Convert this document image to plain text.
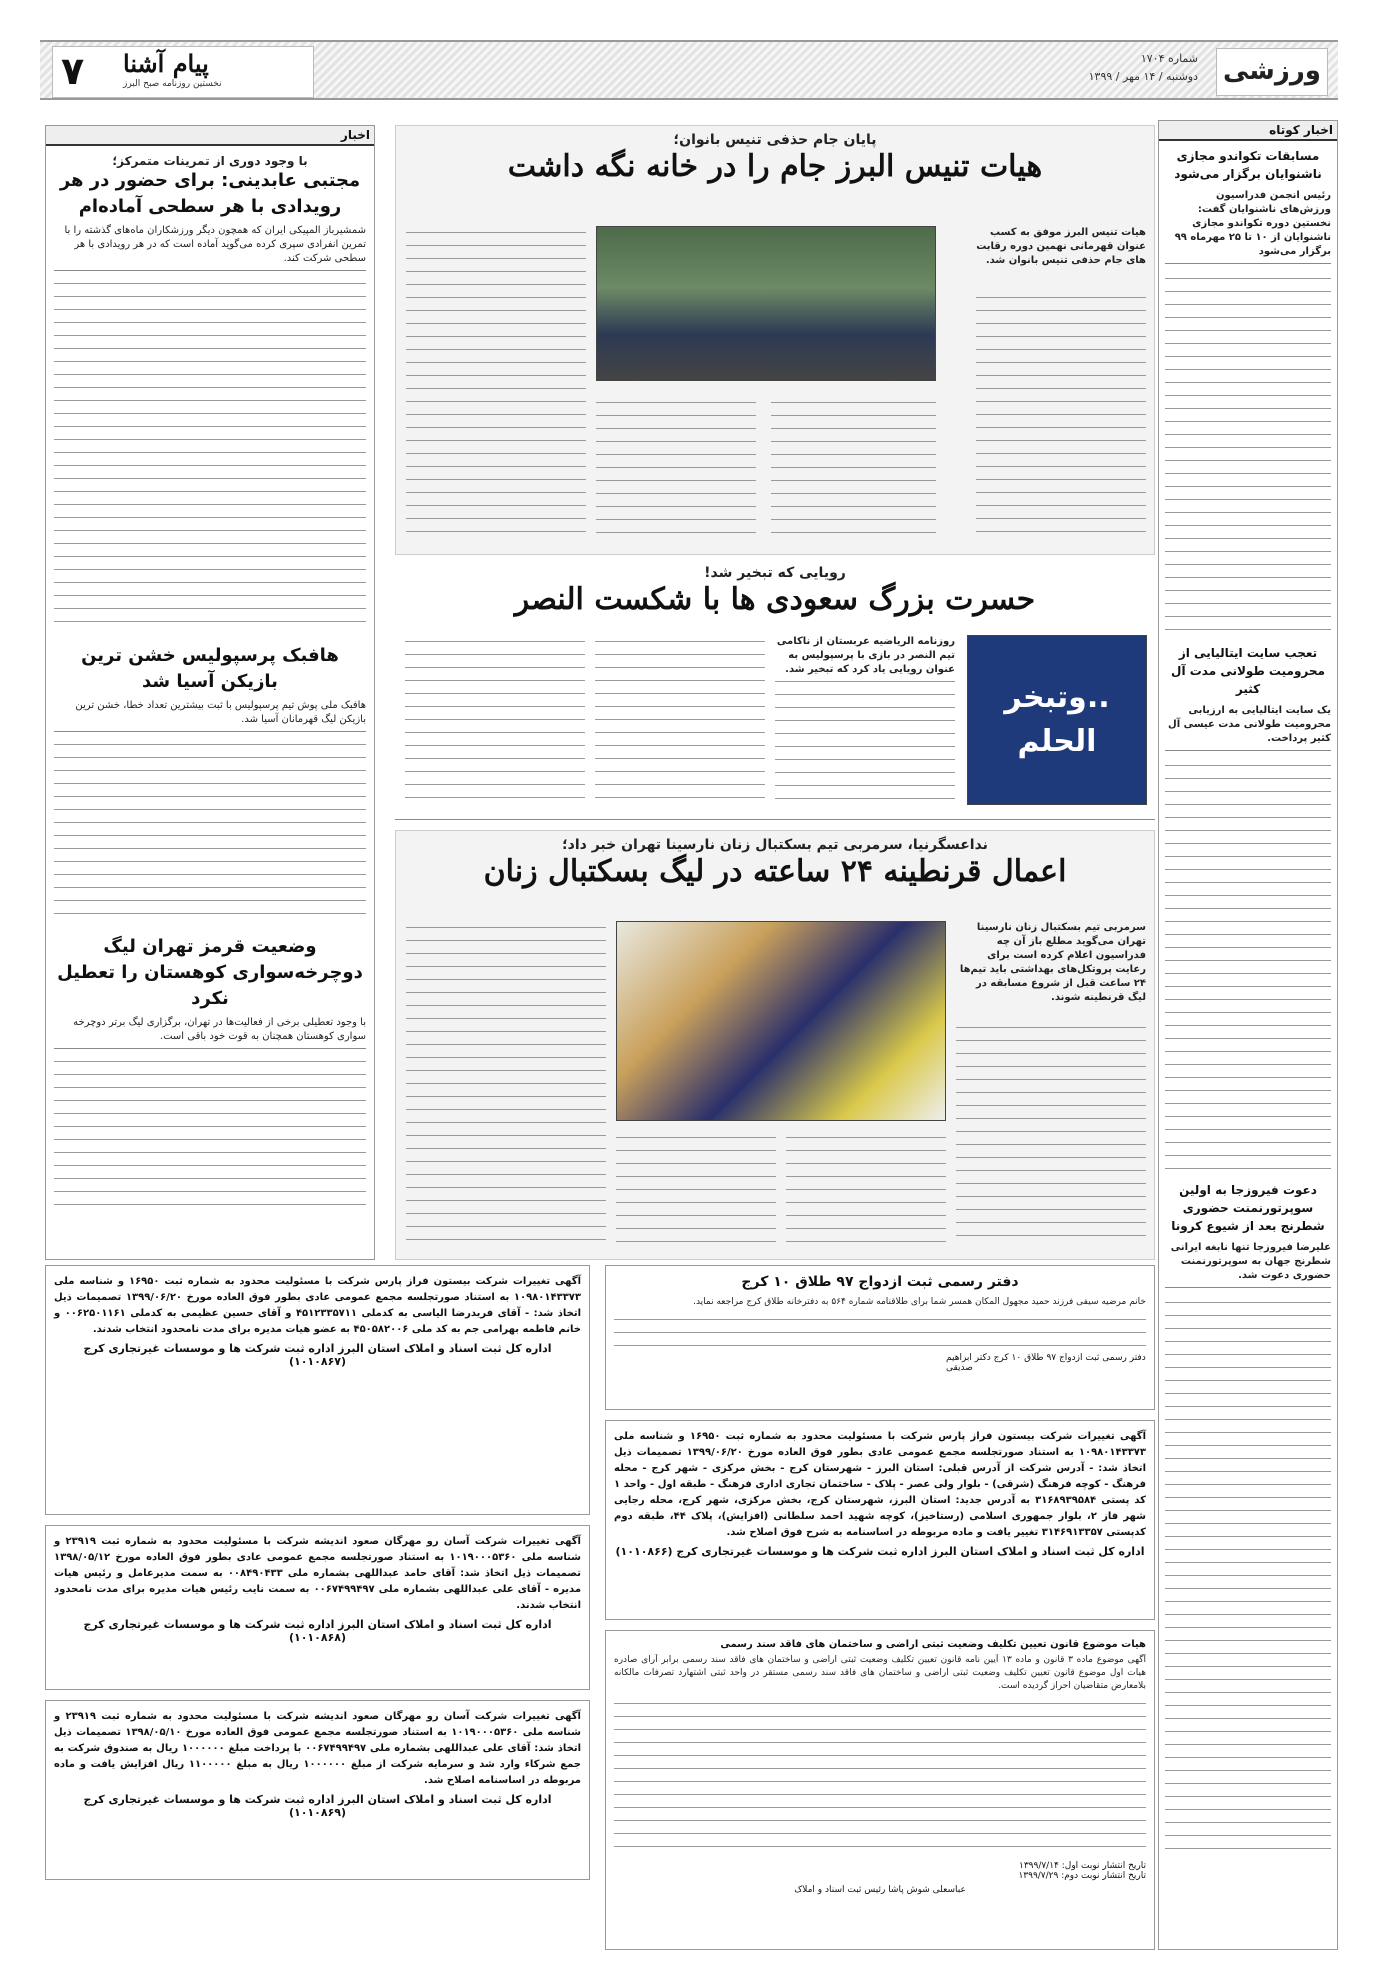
ورزشی
شماره ۱۷۰۴
دوشنبه / ۱۴ مهر / ۱۳۹۹
۷ پیام آشنا
نخستین روزنامه صبح البرز
اخبار کوتاه
مسابقات تکواندو مجازی ناشنوایان برگزار می‌شود
رئیس انجمن فدراسیون ورزش‌های ناشنوایان گفت: نخستین دوره تکواندو مجازی ناشنوایان از ۱۰ تا ۲۵ مهرماه ۹۹ برگزار می‌شود
تعجب سایت ایتالیایی از محرومیت طولانی مدت آل کثیر
یک سایت ایتالیایی به ارزیابی محرومیت طولانی مدت عیسی آل کثیر پرداخت.
دعوت فیروزجا به اولین سوپرتورنمنت حضوری شطرنج بعد از شیوع کرونا
علیرضا فیروزجا تنها نابغه ایرانی شطرنج جهان به سوپرتورنمنت حضوری دعوت شد.
پایان جام حذفی تنیس بانوان؛
هیات تنیس البرز جام را در خانه نگه داشت
هیات تنیس البرز موفق به کسب عنوان قهرمانی نهمین دوره رقابت های جام حذفی تنیس بانوان شد.
رویایی که تبخیر شد!
حسرت بزرگ سعودی ها با شکست النصر
..وتبخر الحلم
روزنامه الریاضیه عربستان از ناکامی تیم النصر در بازی با پرسپولیس به عنوان رویایی یاد کرد که تبخیر شد.
نداعسگرنیا، سرمربی تیم بسکتبال زنان نارسینا تهران خبر داد؛
اعمال قرنطینه ۲۴ ساعته در لیگ بسکتبال زنان
سرمربی تیم بسکتبال زنان نارسینا تهران می‌گوید مطلع باز آن چه فدراسیون اعلام کرده است برای رعایت پروتکل‌های بهداشتی باید تیم‌ها ۲۴ ساعت قبل از شروع مسابقه در لیگ قرنطینه شوند.
اخبار
با وجود دوری از تمرینات متمرکز؛
مجتبی عابدینی: برای حضور در هر رویدادی با هر سطحی آماده‌ام
شمشیرباز المپیکی ایران که همچون دیگر ورزشکاران ماه‌های گذشته را با تمرین انفرادی سپری کرده می‌گوید آماده است که در هر رویدادی با هر سطحی شرکت کند.
هافبک پرسپولیس خشن ترین بازیکن آسیا شد
هافبک ملی پوش تیم پرسپولیس با ثبت بیشترین تعداد خطا، خشن ترین بازیکن لیگ قهرمانان آسیا شد.
وضعیت قرمز تهران لیگ دوچرخه‌سواری کوهستان را تعطیل نکرد
با وجود تعطیلی برخی از فعالیت‌ها در تهران، برگزاری لیگ برتر دوچرخه سواری کوهستان همچنان به قوت خود باقی است.
آگهی تغییرات شرکت بیستون فراز پارس شرکت با مسئولیت محدود به شماره ثبت ۱۶۹۵۰ و شناسه ملی ۱۰۹۸۰۱۴۳۳۷۳ به استناد صورتجلسه مجمع عمومی عادی بطور فوق العاده مورخ ۱۳۹۹/۰۶/۲۰ تصمیمات ذیل اتخاذ شد: - آقای فریدرضا الیاسی به کدملی ۴۵۱۲۳۳۵۷۱۱ و آقای حسین عظیمی به کدملی ۰۰۶۲۵۰۱۱۶۱ و خانم فاطمه بهرامی جم به کد ملی ۴۵۰۵۸۲۰۰۶ به عضو هیات مدیره برای مدت نامحدود انتخاب شدند.
اداره کل ثبت اسناد و املاک استان البرز اداره ثبت شرکت ها و موسسات غیرتجاری کرج (۱۰۱۰۸۶۷)
دفتر رسمی ثبت ازدواج ۹۷ طلاق ۱۰ کرج
خانم مرضیه سیفی فرزند حمید مجهول المکان همسر شما برای طلاقنامه شماره ۵۶۴ به دفترخانه طلاق کرج مراجعه نماید.
دفتر رسمی ثبت ازدواج ۹۷ طلاق ۱۰ کرج دکتر ابراهیم صدیقی
آگهی تغییرات شرکت بیستون فراز پارس شرکت با مسئولیت محدود به شماره ثبت ۱۶۹۵۰ و شناسه ملی ۱۰۹۸۰۱۴۳۳۷۳ به استناد صورتجلسه مجمع عمومی عادی بطور فوق العاده مورخ ۱۳۹۹/۰۶/۲۰ تصمیمات ذیل اتخاذ شد: - آدرس شرکت از آدرس قبلی: استان البرز - شهرستان کرج - بخش مرکزی - شهر کرج - محله فرهنگ - کوچه فرهنگ (شرقی) - بلوار ولی عصر - پلاک - ساختمان تجاری اداری فرهنگ - طبقه اول - واحد ۱ کد پستی ۳۱۶۸۹۳۹۵۸۴ به آدرس جدید: استان البرز، شهرستان کرج، بخش مرکزی، شهر کرج، محله رجایی شهر فاز ۲، بلوار جمهوری اسلامی (رستاخیز)، کوچه شهید احمد سلطانی (افزایش)، پلاک ۴۴، طبقه دوم کدپستی ۳۱۴۶۹۱۳۳۵۷ تغییر یافت و ماده مربوطه در اساسنامه به شرح فوق اصلاح شد.
اداره کل ثبت اسناد و املاک استان البرز اداره ثبت شرکت ها و موسسات غیرتجاری کرج (۱۰۱۰۸۶۶)
آگهی تغییرات شرکت آسان رو مهرگان صعود اندیشه شرکت با مسئولیت محدود به شماره ثبت ۲۳۹۱۹ و شناسه ملی ۱۰۱۹۰۰۰۵۳۶۰ به استناد صورتجلسه مجمع عمومی عادی بطور فوق العاده مورخ ۱۳۹۸/۰۵/۱۲ تصمیمات ذیل اتخاذ شد: آقای حامد عبداللهی بشماره ملی ۰۰۸۴۹۰۴۳۳ به سمت مدیرعامل و رئیس هیات مدیره - آقای علی عبداللهی بشماره ملی ۰۰۶۷۴۹۹۴۹۷ به سمت نایب رئیس هیات مدیره برای مدت نامحدود انتخاب شدند.
اداره کل ثبت اسناد و املاک استان البرز اداره ثبت شرکت ها و موسسات غیرتجاری کرج (۱۰۱۰۸۶۸)
هیات موضوع قانون تعیین تکلیف وضعیت ثبتی اراضی و ساختمان های فاقد سند رسمی
آگهی موضوع ماده ۳ قانون و ماده ۱۳ آیین نامه قانون تعیین تکلیف وضعیت ثبتی اراضی و ساختمان های فاقد سند رسمی برابر آرای صادره هیات اول موضوع قانون تعیین تکلیف وضعیت ثبتی اراضی و ساختمان های فاقد سند رسمی مستقر در واحد ثبتی اشتهارد تصرفات مالکانه بلامعارض متقاضیان احراز گردیده است.
تاریخ انتشار نوبت اول: ۱۳۹۹/۷/۱۴
تاریخ انتشار نوبت دوم: ۱۳۹۹/۷/۲۹
عباسعلی شوش پاشا رئیس ثبت اسناد و املاک
آگهی تغییرات شرکت آسان رو مهرگان صعود اندیشه شرکت با مسئولیت محدود به شماره ثبت ۲۳۹۱۹ و شناسه ملی ۱۰۱۹۰۰۰۵۳۶۰ به استناد صورتجلسه مجمع عمومی فوق العاده مورخ ۱۳۹۸/۰۵/۱۰ تصمیمات ذیل اتخاذ شد: آقای علی عبداللهی بشماره ملی ۰۰۶۷۴۹۹۴۹۷ با پرداخت مبلغ ۱۰۰۰۰۰۰ ریال به صندوق شرکت به جمع شرکاء وارد شد و سرمایه شرکت از مبلغ ۱۰۰۰۰۰۰ ریال به مبلغ ۱۱۰۰۰۰۰ ریال افزایش یافت و ماده مربوطه در اساسنامه اصلاح شد.
اداره کل ثبت اسناد و املاک استان البرز اداره ثبت شرکت ها و موسسات غیرتجاری کرج (۱۰۱۰۸۶۹)
